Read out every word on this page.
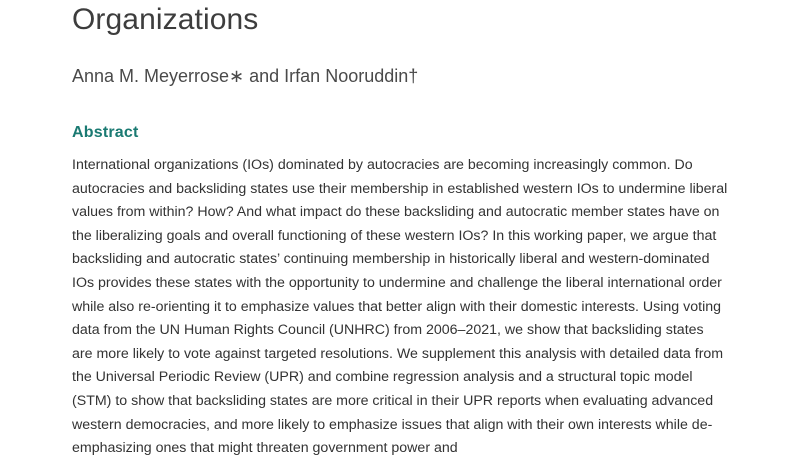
Organizations
Anna M. Meyerrose∗ and Irfan Nooruddin†
Abstract
International organizations (IOs) dominated by autocracies are becoming increasingly common. Do autocracies and backsliding states use their membership in established western IOs to undermine liberal values from within? How? And what impact do these backsliding and autocratic member states have on the liberalizing goals and overall functioning of these western IOs? In this working paper, we argue that backsliding and autocratic states’ continuing membership in historically liberal and western-dominated IOs provides these states with the opportunity to undermine and challenge the liberal international order while also re-orienting it to emphasize values that better align with their domestic interests. Using voting data from the UN Human Rights Council (UNHRC) from 2006–2021, we show that backsliding states are more likely to vote against targeted resolutions. We supplement this analysis with detailed data from the Universal Periodic Review (UPR) and combine regression analysis and a structural topic model (STM) to show that backsliding states are more critical in their UPR reports when evaluating advanced western democracies, and more likely to emphasize issues that align with their own interests while de-emphasizing ones that might threaten government power and
